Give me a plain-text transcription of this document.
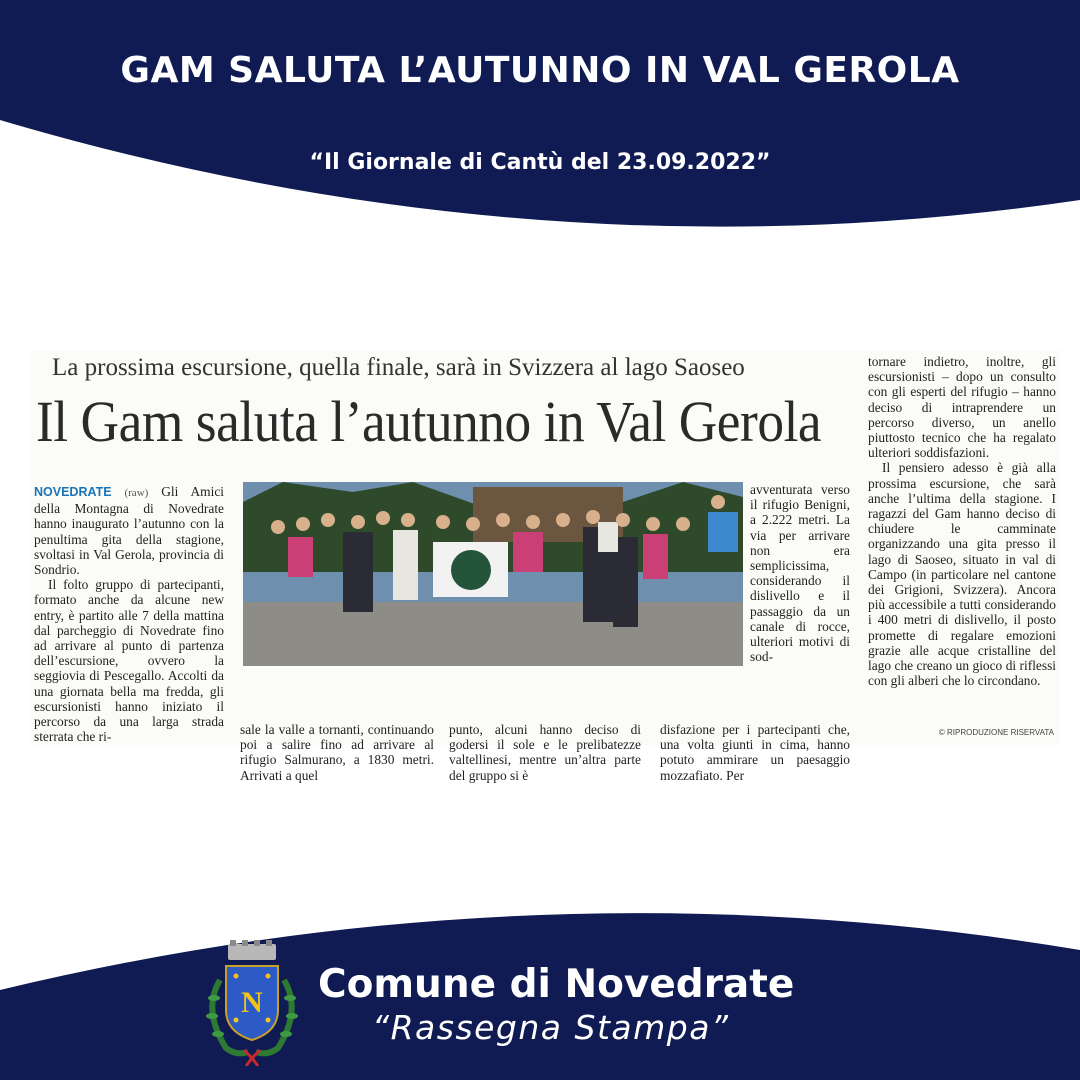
GAM SALUTA L’AUTUNNO IN VAL GEROLA
“Il Giornale di Cantù del 23.09.2022”
La prossima escursione, quella finale, sarà in Svizzera al lago Saoseo
Il Gam saluta l’autunno in Val Gerola

NOVEDRATE (raw) Gli Amici della Montagna di Novedrate hanno inaugurato l’autunno con la penultima gita della stagione, svoltasi in Val Gerola, provincia di Sondrio.

Il folto gruppo di partecipanti, formato anche da alcune new entry, è partito alle 7 della mattina dal parcheggio di Novedrate fino ad arrivare al punto di partenza dell’escursione, ovvero la seggiovia di Pescegallo. Accolti da una giornata bella ma fredda, gli escursionisti hanno iniziato il percorso da una larga strada sterrata che ri-

avventurata verso il rifugio Benigni, a 2.222 metri. La via per arrivare non era semplicissima, considerando il dislivello e il passaggio da un canale di rocce, ulteriori motivi di sod-

sale la valle a tornanti, continuando poi a salire fino ad arrivare al rifugio Salmurano, a 1830 metri. Arrivati a quel

punto, alcuni hanno deciso di godersi il sole e le prelibatezze valtellinesi, mentre un’altra parte del gruppo si è

disfazione per i partecipanti che, una volta giunti in cima, hanno potuto ammirare un paesaggio mozzafiato. Per

tornare indietro, inoltre, gli escursionisti – dopo un consulto con gli esperti del rifugio – hanno deciso di intraprendere un percorso diverso, un anello piuttosto tecnico che ha regalato ulteriori soddisfazioni.

Il pensiero adesso è già alla prossima escursione, che sarà anche l’ultima della stagione. I ragazzi del Gam hanno deciso di chiudere le camminate organizzando una gita presso il lago di Saoseo, situato in val di Campo (in particolare nel cantone dei Grigioni, Svizzera). Ancora più accessibile a tutti considerando i 400 metri di dislivello, il posto promette di regalare emozioni grazie alle acque cristalline del lago che creano un gioco di riflessi con gli alberi che lo circondano.

© RIPRODUZIONE RISERVATA
N Comune di Novedrate
“Rassegna Stampa”
